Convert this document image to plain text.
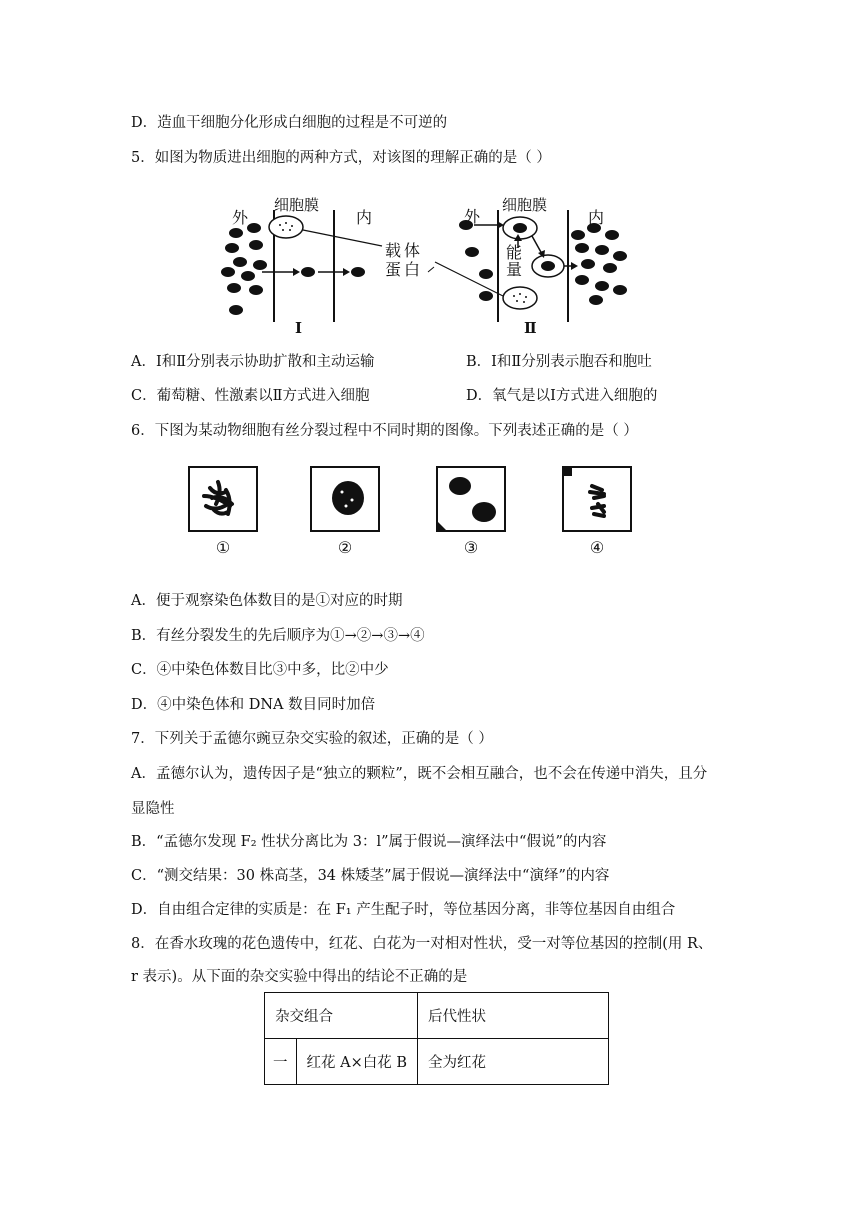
D．造血干细胞分化形成白细胞的过程是不可逆的
5．如图为物质进出细胞的两种方式，对该图的理解正确的是（ ）
外
细胞膜
内
载体
蛋白
外
细胞膜
内
能
量
Ⅰ	Ⅱ
A．Ⅰ和Ⅱ分别表示协助扩散和主动运输	B．Ⅰ和Ⅱ分别表示胞吞和胞吐
C．葡萄糖、性激素以Ⅱ方式进入细胞	D．氧气是以Ⅰ方式进入细胞的
6．下图为某动物细胞有丝分裂过程中不同时期的图像。下列表述正确的是（ ）
①	②	③	④
A．便于观察染色体数目的是①对应的时期
B．有丝分裂发生的先后顺序为①→②→③→④
C．④中染色体数目比③中多，比②中少
D．④中染色体和 DNA 数目同时加倍
7．下列关于孟德尔豌豆杂交实验的叙述，正确的是（ ）
A．孟德尔认为，遗传因子是“独立的颗粒”，既不会相互融合，也不会在传递中消失，且分
显隐性
B．“孟德尔发现 F₂ 性状分离比为 3：l”属于假说—演绎法中“假说”的内容
C．“测交结果：30 株高茎，34 株矮茎”属于假说—演绎法中“演绎”的内容
D．自由组合定律的实质是：在 F₁ 产生配子时，等位基因分离，非等位基因自由组合
8．在香水玫瑰的花色遗传中，红花、白花为一对相对性状，受一对等位基因的控制(用 R、
r 表示)。从下面的杂交实验中得出的结论不正确的是
杂交组合		后代性状
一	红花 A×白花 B	全为红花
